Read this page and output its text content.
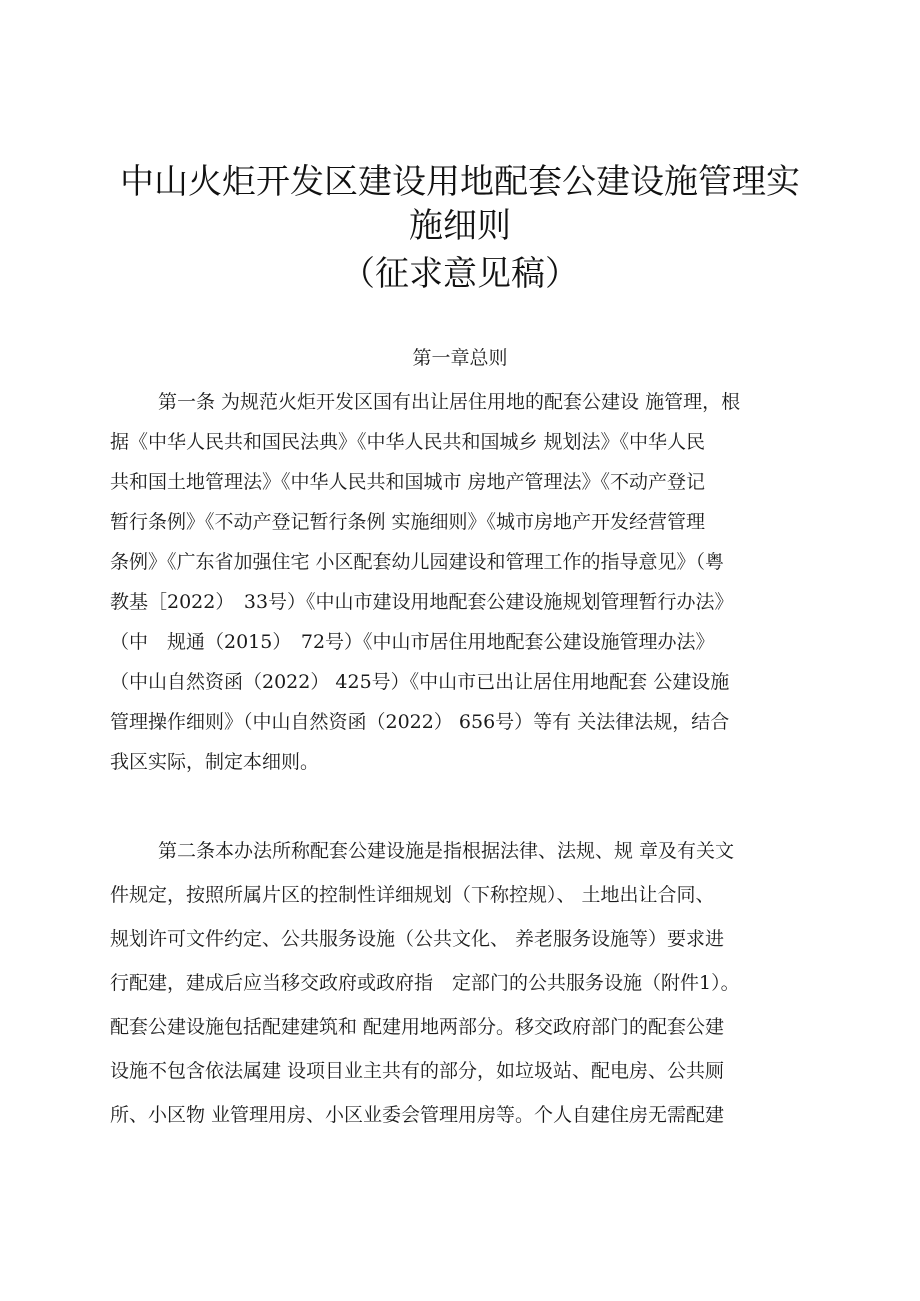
中山火炬开发区建设用地配套公建设施管理实
施细则
（征求意见稿）
第一章总则
第一条 为规范火炬开发区国有出让居住用地的配套公建设 施管理，根
据《中华人民共和国民法典》《中华人民共和国城乡 规划法》《中华人民
共和国土地管理法》《中华人民共和国城市 房地产管理法》《不动产登记
暂行条例》《不动产登记暂行条例 实施细则》《城市房地产开发经营管理
条例》《广东省加强住宅 小区配套幼儿园建设和管理工作的指导意见》（粤
教基［2022）　33号）《中山市建设用地配套公建设施规划管理暂行办法》
（中　规通（2015）　72号）《中山市居住用地配套公建设施管理办法》
（中山自然资函（2022） 425号）《中山市已出让居住用地配套 公建设施
管理操作细则》（中山自然资函（2022） 656号）等有 关法律法规，结合
我区实际，制定本细则。
第二条本办法所称配套公建设施是指根据法律、法规、规 章及有关文
件规定，按照所属片区的控制性详细规划（下称控规）、 土地出让合同、
规划许可文件约定、公共服务设施（公共文化、 养老服务设施等）要求进
行配建，建成后应当移交政府或政府指　定部门的公共服务设施（附件1）。
配套公建设施包括配建建筑和 配建用地两部分。移交政府部门的配套公建
设施不包含依法属建 设项目业主共有的部分，如垃圾站、配电房、公共厕
所、小区物 业管理用房、小区业委会管理用房等。个人自建住房无需配建
